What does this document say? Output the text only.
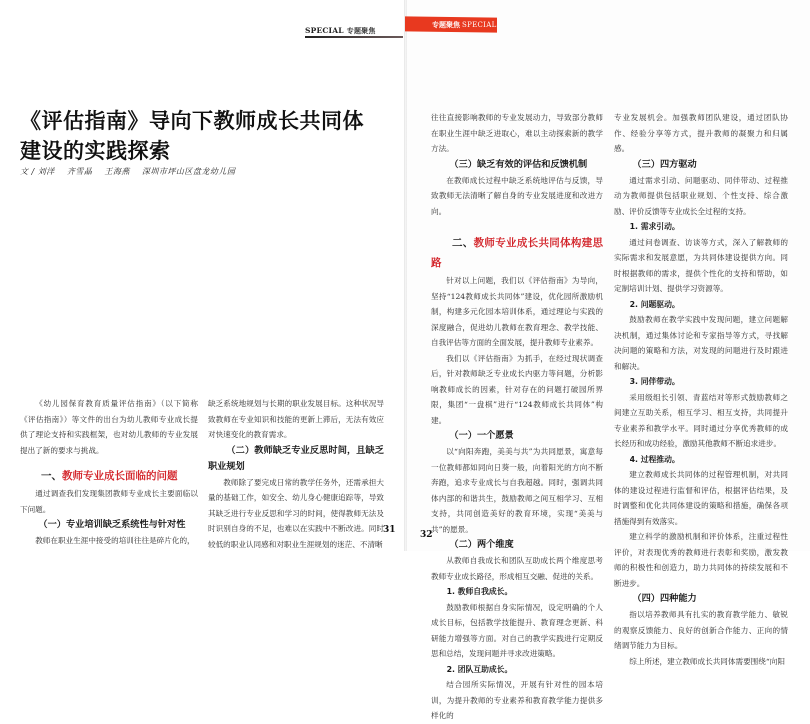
SPECIAL 专题聚焦
专题聚焦 SPECIAL
《评估指南》导向下教师成长共同体
建设的实践探索
文 / 刘洋 齐雪晶 王海燕 深圳市坪山区盘龙幼儿园

《幼儿园保育教育质量评估指南》（以下简称《评估指南》）等文件的出台为幼儿教师专业成长提供了理论支持和实践框架，也对幼儿教师的专业发展提出了新的要求与挑战。

一、教师专业成长面临的问题

通过调查我们发现集团教师专业成长主要面临以下问题。

（一）专业培训缺乏系统性与针对性

教师在职业生涯中接受的培训往往是碎片化的，

缺乏系统地规划与长期的职业发展目标。这种状况导致教师在专业知识和技能的更新上滞后，无法有效应对快速变化的教育需求。

（二）教师缺乏专业反思时间，且缺乏职业规划

教师除了要完成日常的教学任务外，还需承担大量的基础工作，如安全、幼儿身心健康追踪等，导致其缺乏进行专业反思和学习的时间，使得教师无法及时识别自身的不足，也难以在实践中不断改进。同时较低的职业认同感和对职业生涯规划的迷茫、不清晰

往往直接影响教师的专业发展动力，导致部分教师在职业生涯中缺乏进取心，难以主动探索新的教学方法。

（三）缺乏有效的评估和反馈机制

在教师成长过程中缺乏系统地评估与反馈，导致教师无法清晰了解自身的专业发展进度和改进方向。

二、教师专业成长共同体构建思路

针对以上问题，我们以《评估指南》为导向，坚持“124教师成长共同体”建设，优化园所激励机制，构建多元化园本培训体系，通过理论与实践的深度融合，促进幼儿教师在教育理念、教学技能、自我评估等方面的全面发展，提升教师专业素养。

我们以《评估指南》为抓手，在经过现状调查后，针对教师缺乏专业成长内驱力等问题，分析影响教师成长的因素，针对存在的问题打破园所界限，集团“一盘棋”进行“124教师成长共同体”构建。

（一）一个愿景

以“向阳奔跑，美美与共”为共同愿景，寓意每一位教师都如同向日葵一般，向着阳光的方向不断奔跑，追求专业成长与自我超越。同时，强调共同体内部的和谐共生，鼓励教师之间互相学习、互相支持，共同创造美好的教育环境，实现“美美与共”的愿景。

（二）两个维度

从教师自我成长和团队互助成长两个维度思考教师专业成长路径，形成相互交融、促进的关系。

1. 教师自我成长。

鼓励教师根据自身实际情况，设定明确的个人成长目标，包括教学技能提升、教育理念更新、科研能力增强等方面。对自己的教学实践进行定期反思和总结，发现问题并寻求改进策略。

2. 团队互助成长。

结合园所实际情况，开展有针对性的园本培训，为提升教师的专业素养和教育教学能力提供多样化的

专业发展机会。加强教师团队建设，通过团队协作、经验分享等方式，提升教师的凝聚力和归属感。

（三）四方驱动

通过需求引动、问题驱动、同伴带动、过程推动为教师提供包括职业规划、个性支持、综合激励、评价反馈等专业成长全过程的支持。

1. 需求引动。

通过问卷调查、访谈等方式，深入了解教师的实际需求和发展意愿，为共同体建设提供方向。同时根据教师的需求，提供个性化的支持和帮助，如定制培训计划、提供学习资源等。

2. 问题驱动。

鼓励教师在教学实践中发现问题，建立问题解决机制，通过集体讨论和专家指导等方式，寻找解决问题的策略和方法，对发现的问题进行及时跟进和解决。

3. 同伴带动。

采用级组长引领、青蓝结对等形式鼓励教师之间建立互助关系，相互学习、相互支持，共同提升专业素养和教学水平。同时通过分享优秀教师的成长经历和成功经验，激励其他教师不断追求进步。

4. 过程推动。

建立教师成长共同体的过程管理机制，对共同体的建设过程进行监督和评估，根据评估结果，及时调整和优化共同体建设的策略和措施，确保各项措施得到有效落实。

建立科学的激励机制和评价体系，注重过程性评价，对表现优秀的教师进行表彰和奖励，激发教师的积极性和创造力，助力共同体的持续发展和不断进步。

（四）四种能力

指以培养教师具有扎实的教育教学能力、敏锐的观察反馈能力、良好的创新合作能力、正向的情绪调节能力为目标。

综上所述，建立教师成长共同体需要围绕“向阳

31	32
